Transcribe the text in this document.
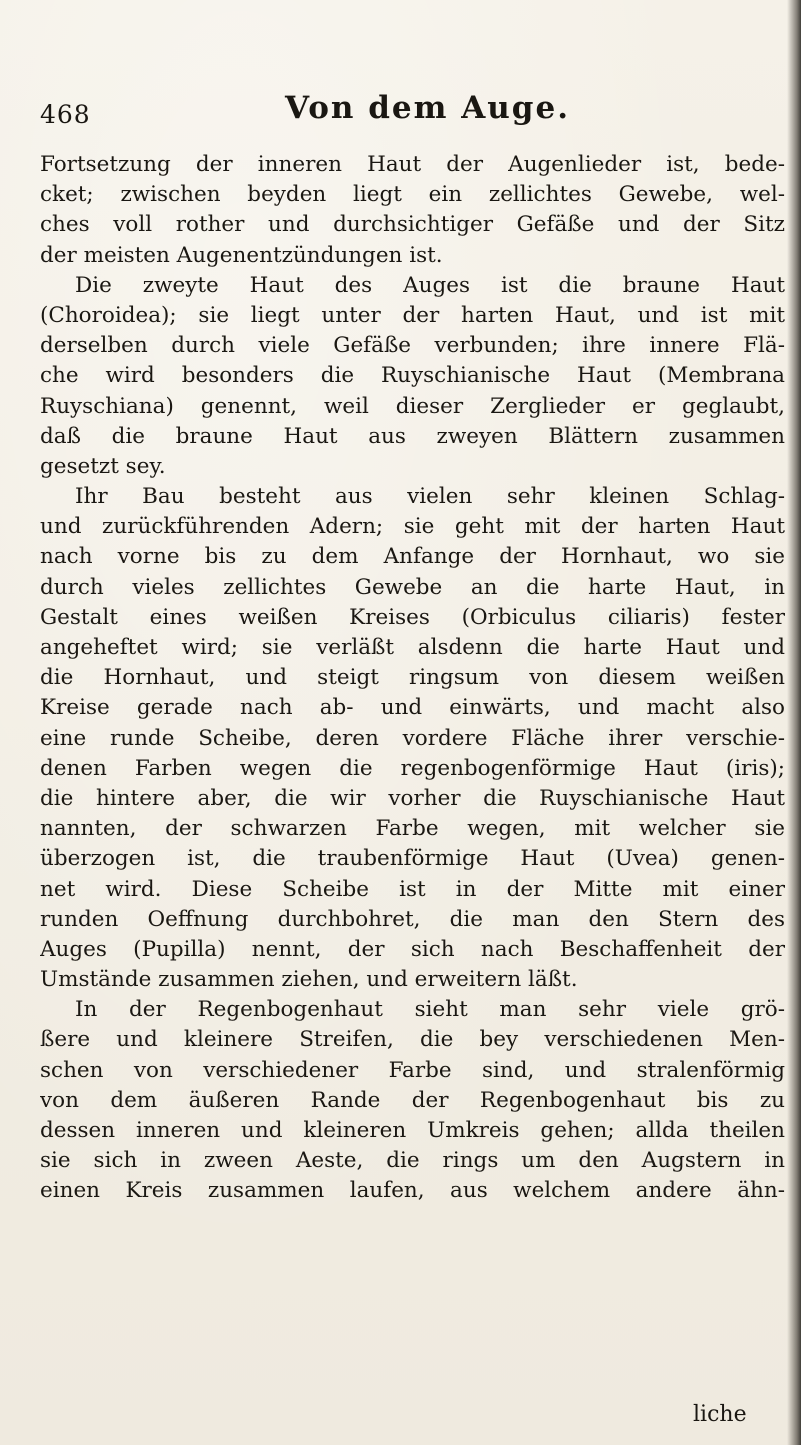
468	Von dem Auge.
Fortsetzung der inneren Haut der Augenlieder ist, bede-
cket; zwischen beyden liegt ein zellichtes Gewebe, wel-
ches voll rother und durchsichtiger Gefäße und der Sitz
der meisten Augenentzündungen ist.
Die zweyte Haut des Auges ist die braune Haut
(Choroidea); sie liegt unter der harten Haut, und ist mit
derselben durch viele Gefäße verbunden; ihre innere Flä-
che wird besonders die Ruyschianische Haut (Membrana
Ruyschiana) genennt, weil dieser Zerglieder er geglaubt,
daß die braune Haut aus zweyen Blättern zusammen
gesetzt sey.
Ihr Bau besteht aus vielen sehr kleinen Schlag-
und zurückführenden Adern; sie geht mit der harten Haut
nach vorne bis zu dem Anfange der Hornhaut, wo sie
durch vieles zellichtes Gewebe an die harte Haut, in
Gestalt eines weißen Kreises (Orbiculus ciliaris) fester
angeheftet wird; sie verläßt alsdenn die harte Haut und
die Hornhaut, und steigt ringsum von diesem weißen
Kreise gerade nach ab- und einwärts, und macht also
eine runde Scheibe, deren vordere Fläche ihrer verschie-
denen Farben wegen die regenbogenförmige Haut (iris);
die hintere aber, die wir vorher die Ruyschianische Haut
nannten, der schwarzen Farbe wegen, mit welcher sie
überzogen ist, die traubenförmige Haut (Uvea) genen-
net wird. Diese Scheibe ist in der Mitte mit einer
runden Oeffnung durchbohret, die man den Stern des
Auges (Pupilla) nennt, der sich nach Beschaffenheit der
Umstände zusammen ziehen, und erweitern läßt.
In der Regenbogenhaut sieht man sehr viele grö-
ßere und kleinere Streifen, die bey verschiedenen Men-
schen von verschiedener Farbe sind, und stralenförmig
von dem äußeren Rande der Regenbogenhaut bis zu
dessen inneren und kleineren Umkreis gehen; allda theilen
sie sich in zween Aeste, die rings um den Augstern in
einen Kreis zusammen laufen, aus welchem andere ähn-
liche
